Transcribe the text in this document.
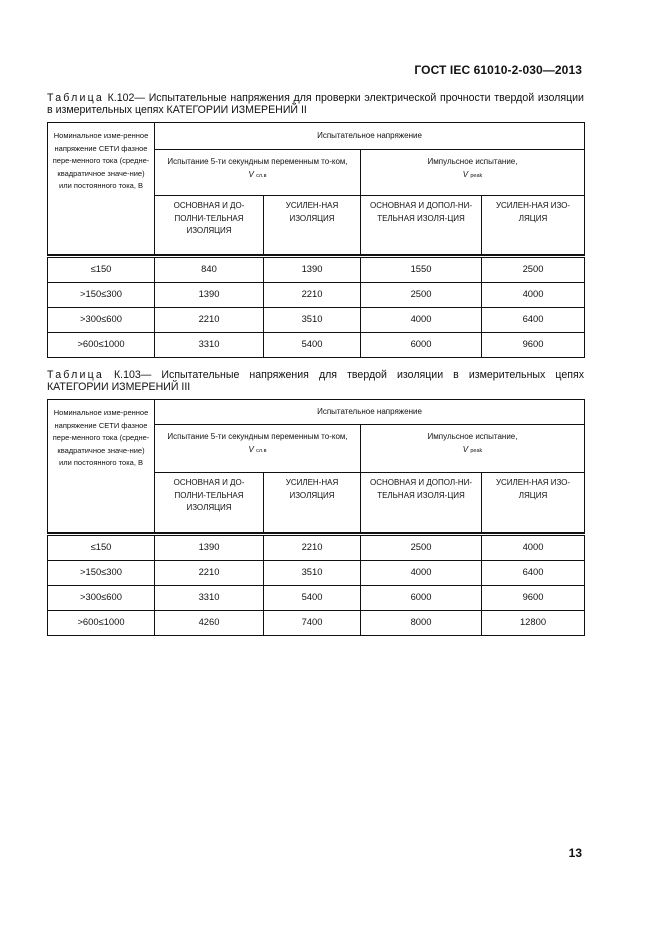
ГОСТ IEC 61010-2-030—2013
Таблица К.102— Испытательные напряжения для проверки электрической прочности твердой изоляции в измерительных цепях КАТЕГОРИИ ИЗМЕРЕНИЙ II
Номинальное изме-ренное напряжение СЕТИ фазное пере-менного тока (средне-квадратичное значе-ние) или постоянного тока, В	Испытательное напряжение			
	Испытание 5-ти секундным переменным то-ком,
V сл.в		Импульсное испытание,
V peak	
	ОСНОВНАЯ И ДО-ПОЛНИ-ТЕЛЬНАЯ ИЗОЛЯЦИЯ	УСИЛЕН-НАЯ ИЗОЛЯЦИЯ	ОСНОВНАЯ И ДОПОЛ-НИ-ТЕЛЬНАЯ ИЗОЛЯ-ЦИЯ	УСИЛЕН-НАЯ ИЗО-ЛЯЦИЯ

≤150	840	1390	1550	2500
>150≤300	1390	2210	2500	4000
>300≤600	2210	3510	4000	6400
>600≤1000	3310	5400	6000	9600
Таблица К.103— Испытательные напряжения для твердой изоляции в измерительных цепях КАТЕГОРИИ ИЗМЕРЕНИЙ III
Номинальное изме-ренное напряжение СЕТИ фазное пере-менного тока (средне-квадратичное значе-ние) или постоянного тока, В	Испытательное напряжение			
	Испытание 5-ти секундным переменным то-ком,
V сл.в		Импульсное испытание,
V peak	
	ОСНОВНАЯ И ДО-ПОЛНИ-ТЕЛЬНАЯ ИЗОЛЯЦИЯ	УСИЛЕН-НАЯ ИЗОЛЯЦИЯ	ОСНОВНАЯ И ДОПОЛ-НИ-ТЕЛЬНАЯ ИЗОЛЯ-ЦИЯ	УСИЛЕН-НАЯ ИЗО-ЛЯЦИЯ

≤150	1390	2210	2500	4000
>150≤300	2210	3510	4000	6400
>300≤600	3310	5400	6000	9600
>600≤1000	4260	7400	8000	12800
13
